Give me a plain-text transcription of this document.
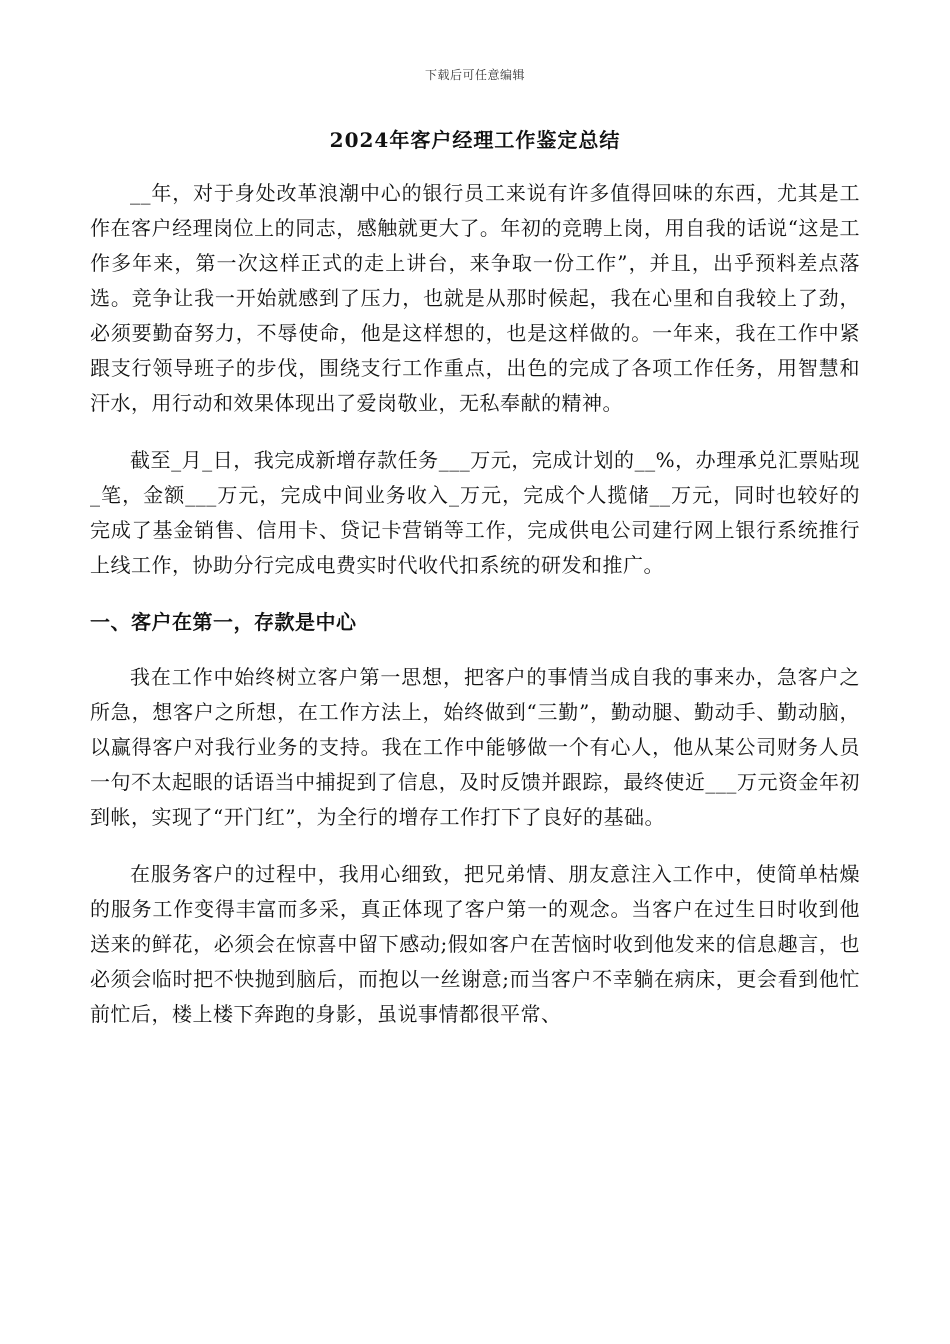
下载后可任意编辑
2024年客户经理工作鉴定总结

__年，对于身处改革浪潮中心的银行员工来说有许多值得回味的东西，尤其是工作在客户经理岗位上的同志，感触就更大了。年初的竞聘上岗，用自我的话说“这是工作多年来，第一次这样正式的走上讲台，来争取一份工作”，并且，出乎预料差点落选。竞争让我一开始就感到了压力，也就是从那时候起，我在心里和自我较上了劲，必须要勤奋努力，不辱使命，他是这样想的，也是这样做的。一年来，我在工作中紧跟支行领导班子的步伐，围绕支行工作重点，出色的完成了各项工作任务，用智慧和汗水，用行动和效果体现出了爱岗敬业，无私奉献的精神。

截至_月_日，我完成新增存款任务___万元，完成计划的__%，办理承兑汇票贴现_笔，金额___万元，完成中间业务收入_万元，完成个人揽储__万元，同时也较好的完成了基金销售、信用卡、贷记卡营销等工作，完成供电公司建行网上银行系统推行上线工作，协助分行完成电费实时代收代扣系统的研发和推广。

一、客户在第一，存款是中心

我在工作中始终树立客户第一思想，把客户的事情当成自我的事来办，急客户之所急，想客户之所想，在工作方法上，始终做到“三勤”，勤动腿、勤动手、勤动脑，以赢得客户对我行业务的支持。我在工作中能够做一个有心人，他从某公司财务人员一句不太起眼的话语当中捕捉到了信息，及时反馈并跟踪，最终使近___万元资金年初到帐，实现了“开门红”，为全行的增存工作打下了良好的基础。

在服务客户的过程中，我用心细致，把兄弟情、朋友意注入工作中，使简单枯燥的服务工作变得丰富而多采，真正体现了客户第一的观念。当客户在过生日时收到他送来的鲜花，必须会在惊喜中留下感动;假如客户在苦恼时收到他发来的信息趣言，也必须会临时把不快抛到脑后，而抱以一丝谢意;而当客户不幸躺在病床，更会看到他忙前忙后，楼上楼下奔跑的身影，虽说事情都很平常、
